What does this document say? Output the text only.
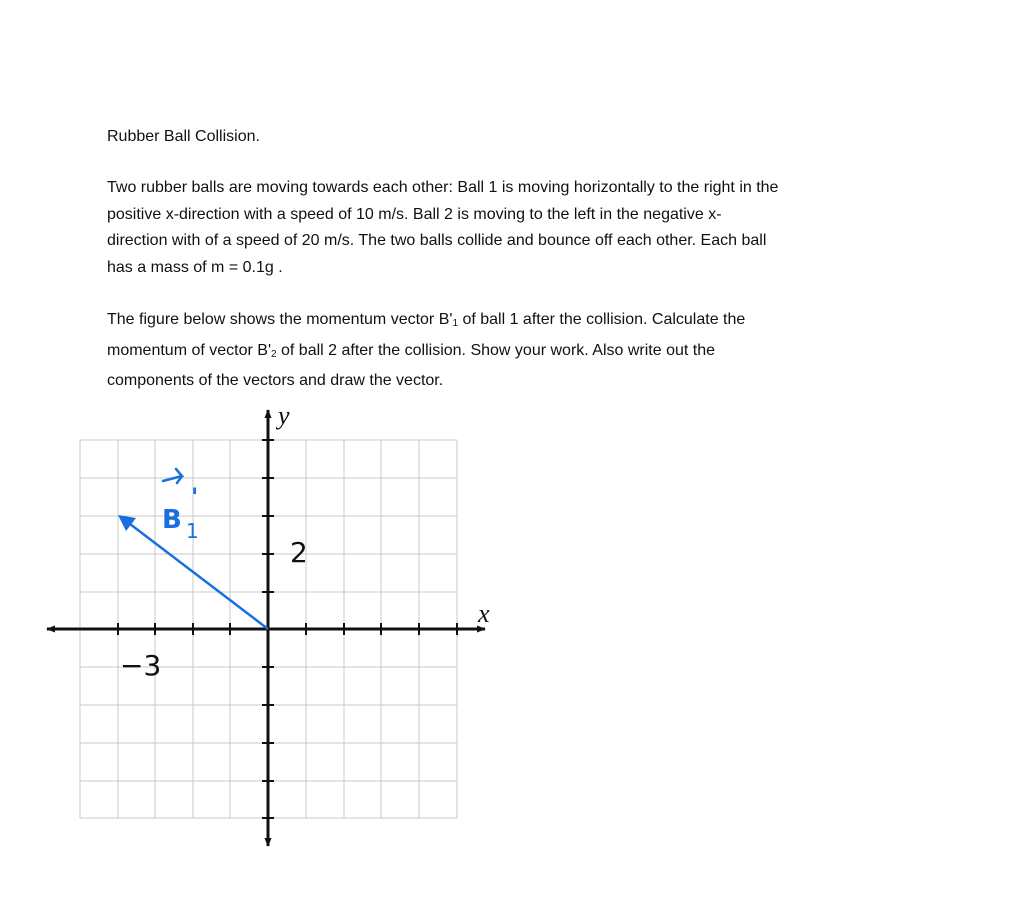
Rubber Ball Collision.

Two rubber balls are moving towards each other: Ball 1 is moving horizontally to the right in the
positive x-direction with a speed of 10 m/s. Ball 2 is moving to the left in the negative x-
direction with of a speed of 20 m/s. The two balls collide and bounce off each other. Each ball
has a mass of m = 0.1g .

The figure below shows the momentum vector $B'_1$ of ball 1 after the collision. Calculate the
momentum of vector $B'_2$ of ball 2 after the collision. Show your work. Also write out the
components of the vectors and draw the vector.

x
y
B
'
1
−3
2
